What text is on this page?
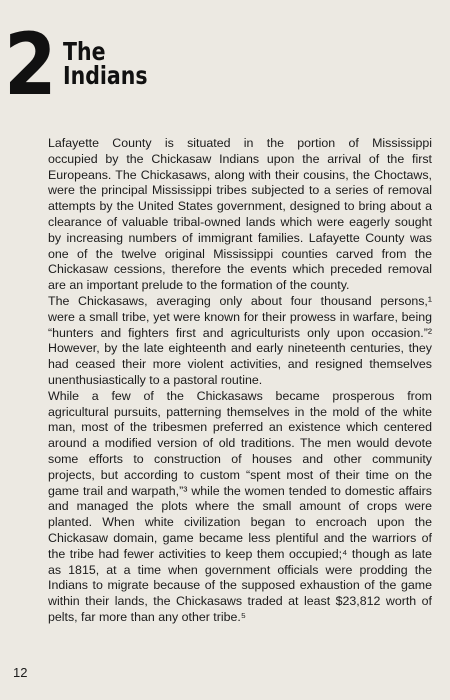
2 The
Indians

Lafayette County is situated in the portion of Mississippi
occupied by the Chickasaw Indians upon the arrival of the first
Europeans. The Chickasaws, along with their cousins, the Choctaws,
were the principal Mississippi tribes subjected to a series of removal
attempts by the United States government, designed to bring about a
clearance of valuable tribal-owned lands which were eagerly sought
by increasing numbers of immigrant families. Lafayette County was
one of the twelve original Mississippi counties carved from the
Chickasaw cessions, therefore the events which preceded removal
are an important prelude to the formation of the county.

The Chickasaws, averaging only about four thousand persons,¹
were a small tribe, yet were known for their prowess in warfare, being
“hunters and fighters first and agriculturists only upon occasion.”²
However, by the late eighteenth and early nineteenth centuries, they
had ceased their more violent activities, and resigned themselves
unenthusiastically to a pastoral routine.

While a few of the Chickasaws became prosperous from
agricultural pursuits, patterning themselves in the mold of the white
man, most of the tribesmen preferred an existence which centered
around a modified version of old traditions. The men would devote
some efforts to construction of houses and other community
projects, but according to custom “spent most of their time on the
game trail and warpath,”³ while the women tended to domestic affairs
and managed the plots where the small amount of crops were
planted. When white civilization began to encroach upon the
Chickasaw domain, game became less plentiful and the warriors of
the tribe had fewer activities to keep them occupied;⁴ though as late
as 1815, at a time when government officials were prodding the
Indians to migrate because of the supposed exhaustion of the game
within their lands, the Chickasaws traded at least $23,812 worth of
pelts, far more than any other tribe.⁵

12
